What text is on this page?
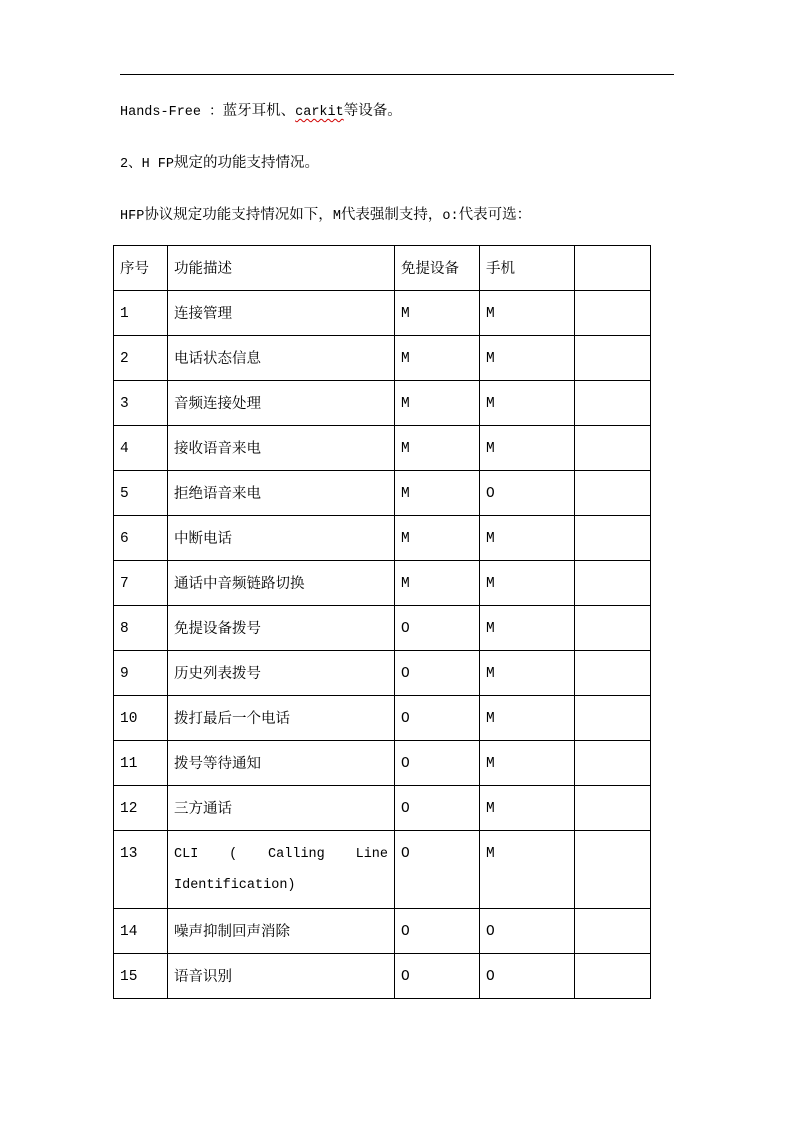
Hands-Free ：蓝牙耳机、carkit等设备。
2、H FP规定的功能支持情况。
HFP协议规定功能支持情况如下，M代表强制支持，o:代表可选：
序号	功能描述	免提设备	手机	
1	连接管理	M	M	
2	电话状态信息	M	M	
3	音频连接处理	M	M	
4	接收语音来电	M	M	
5	拒绝语音来电	M	O	
6	中断电话	M	M	
7	通话中音频链路切换	M	M	
8	免提设备拨号	O	M	
9	历史列表拨号	O	M	
10	拨打最后一个电话	O	M	
11	拨号等待通知	O	M	
12	三方通话	O	M	
13	CLI ( Calling Line
Identification)	O	M	
14	噪声抑制回声消除	O	O	
15	语音识别	O	O	
